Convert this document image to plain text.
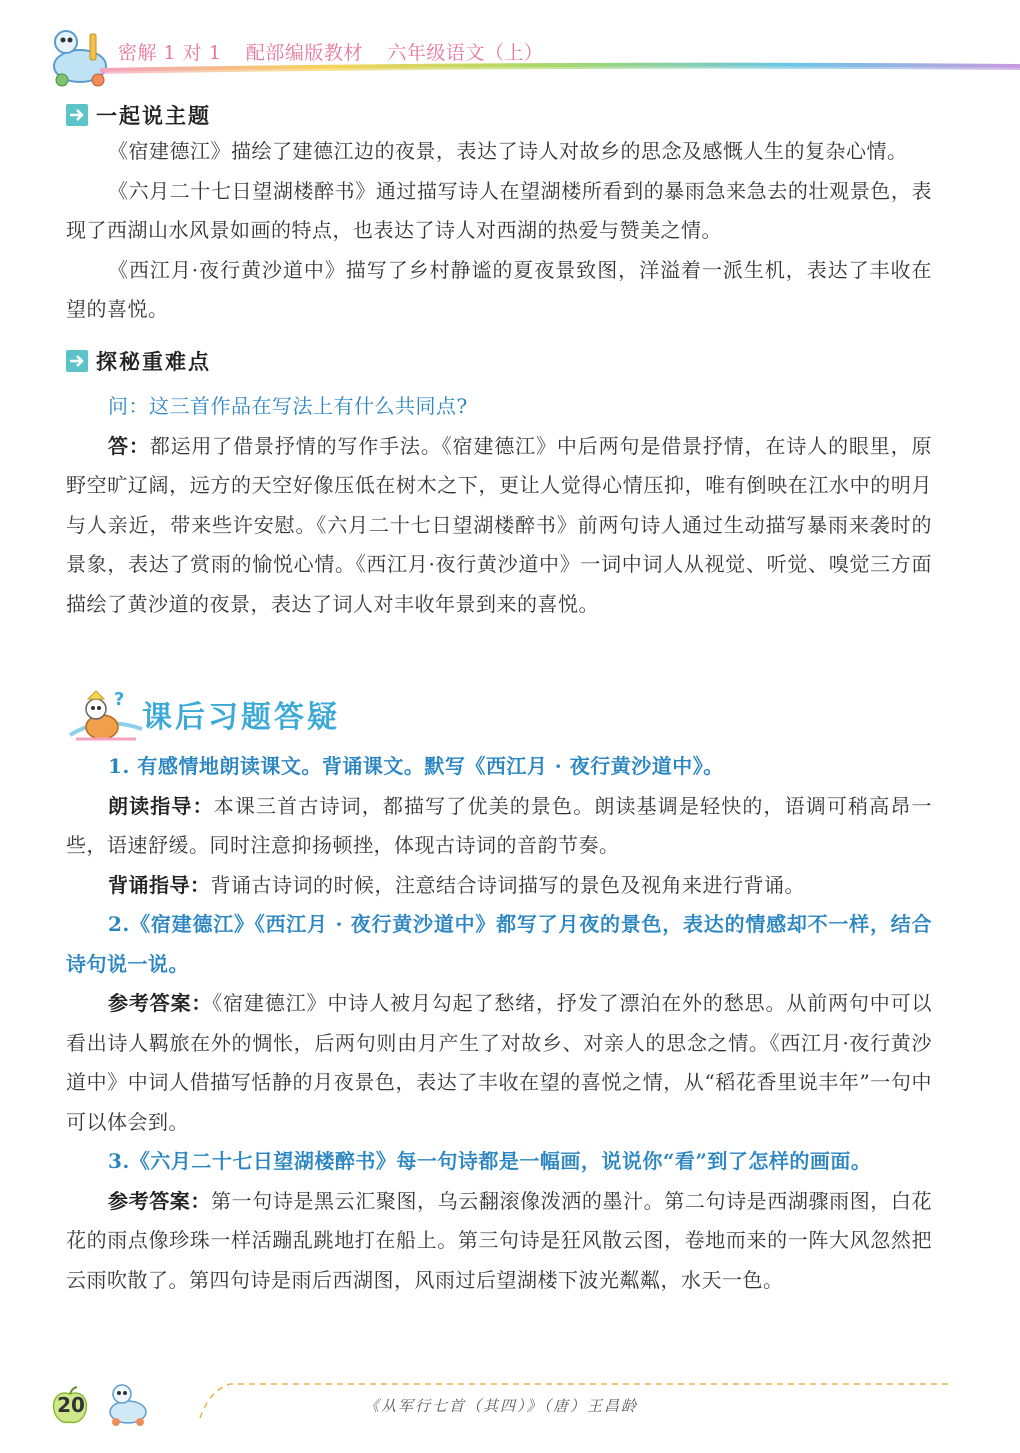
密解 1 对 1 配部编版教材 六年级语文（上）
一起说主题
《宿建德江》描绘了建德江边的夜景，表达了诗人对故乡的思念及感慨人生的复杂心情。
《六月二十七日望湖楼醉书》通过描写诗人在望湖楼所看到的暴雨急来急去的壮观景色，表现了西湖山水风景如画的特点，也表达了诗人对西湖的热爱与赞美之情。
《西江月·夜行黄沙道中》描写了乡村静谧的夏夜景致图，洋溢着一派生机，表达了丰收在望的喜悦。
探秘重难点
问：这三首作品在写法上有什么共同点?
答：都运用了借景抒情的写作手法。《宿建德江》中后两句是借景抒情，在诗人的眼里，原野空旷辽阔，远方的天空好像压低在树木之下，更让人觉得心情压抑，唯有倒映在江水中的明月与人亲近，带来些许安慰。《六月二十七日望湖楼醉书》前两句诗人通过生动描写暴雨来袭时的景象，表达了赏雨的愉悦心情。《西江月·夜行黄沙道中》一词中词人从视觉、听觉、嗅觉三方面描绘了黄沙道的夜景，表达了词人对丰收年景到来的喜悦。
?
课后习题答疑
1. 有感情地朗读课文。背诵课文。默写《西江月 · 夜行黄沙道中》。
朗读指导：本课三首古诗词，都描写了优美的景色。朗读基调是轻快的，语调可稍高昂一些，语速舒缓。同时注意抑扬顿挫，体现古诗词的音韵节奏。
背诵指导：背诵古诗词的时候，注意结合诗词描写的景色及视角来进行背诵。
2.《宿建德江》《西江月 · 夜行黄沙道中》都写了月夜的景色，表达的情感却不一样，结合诗句说一说。
参考答案：《宿建德江》中诗人被月勾起了愁绪，抒发了漂泊在外的愁思。从前两句中可以看出诗人羁旅在外的惆怅，后两句则由月产生了对故乡、对亲人的思念之情。《西江月·夜行黄沙道中》中词人借描写恬静的月夜景色，表达了丰收在望的喜悦之情，从“稻花香里说丰年”一句中可以体会到。
3.《六月二十七日望湖楼醉书》每一句诗都是一幅画，说说你“看”到了怎样的画面。
参考答案：第一句诗是黑云汇聚图，乌云翻滚像泼洒的墨汁。第二句诗是西湖骤雨图，白花花的雨点像珍珠一样活蹦乱跳地打在船上。第三句诗是狂风散云图，卷地而来的一阵大风忽然把云雨吹散了。第四句诗是雨后西湖图，风雨过后望湖楼下波光粼粼，水天一色。
20	《从军行七首（其四）》（唐）王昌龄
